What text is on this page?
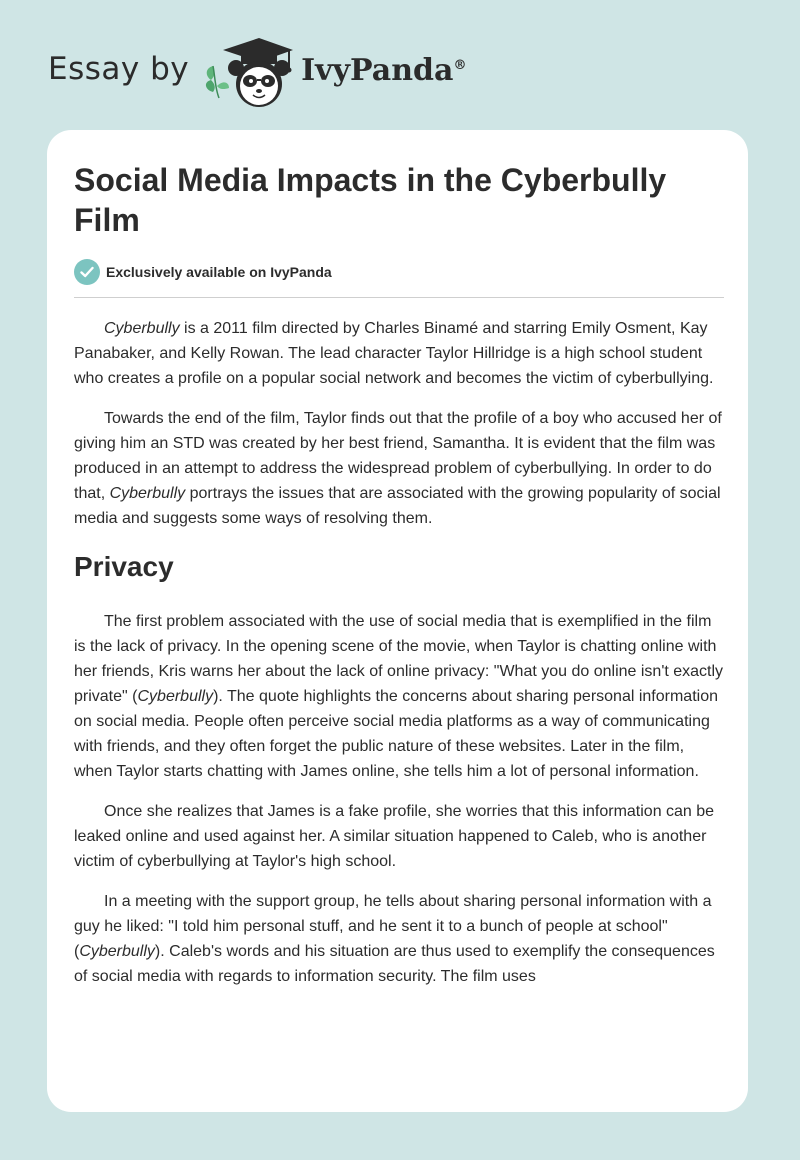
Essay by	IvyPanda®
Social Media Impacts in the Cyberbully Film
Exclusively available on IvyPanda

Cyberbully is a 2011 film directed by Charles Binamé and starring Emily Osment, Kay Panabaker, and Kelly Rowan. The lead character Taylor Hillridge is a high school student who creates a profile on a popular social network and becomes the victim of cyberbullying.

Towards the end of the film, Taylor finds out that the profile of a boy who accused her of giving him an STD was created by her best friend, Samantha. It is evident that the film was produced in an attempt to address the widespread problem of cyberbullying. In order to do that, Cyberbully portrays the issues that are associated with the growing popularity of social media and suggests some ways of resolving them.

Privacy

The first problem associated with the use of social media that is exemplified in the film is the lack of privacy. In the opening scene of the movie, when Taylor is chatting online with her friends, Kris warns her about the lack of online privacy: "What you do online isn't exactly private" (Cyberbully). The quote highlights the concerns about sharing personal information on social media. People often perceive social media platforms as a way of communicating with friends, and they often forget the public nature of these websites. Later in the film, when Taylor starts chatting with James online, she tells him a lot of personal information.

Once she realizes that James is a fake profile, she worries that this information can be leaked online and used against her. A similar situation happened to Caleb, who is another victim of cyberbullying at Taylor's high school.

In a meeting with the support group, he tells about sharing personal information with a guy he liked: "I told him personal stuff, and he sent it to a bunch of people at school" (Cyberbully). Caleb's words and his situation are thus used to exemplify the consequences of social media with regards to information security. The film uses
